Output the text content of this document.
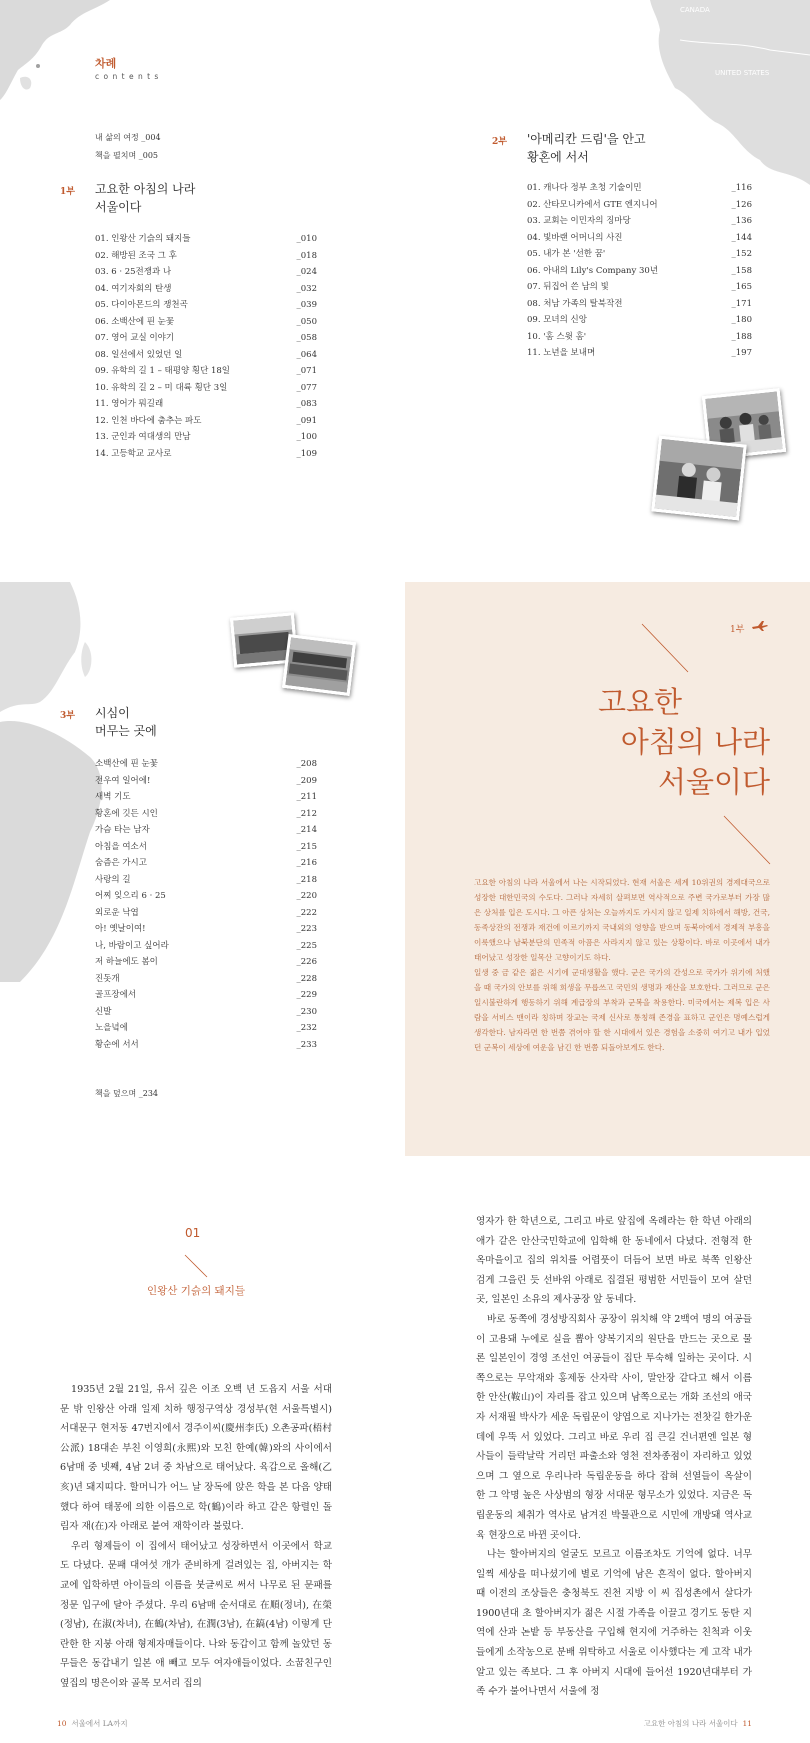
CANADA
UNITED STATES
차례
c o n t e n t s
내 삶의 여정 _004
책을 펼치며 _005
1부 고요한 아침의 나라
서울이다
01. 인왕산 기슭의 돼지들	_010
02. 해방된 조국 그 후	_018
03. 6 · 25전쟁과 나	_024
04. 여기자회의 탄생	_032
05. 다이아몬드의 쟁천곡	_039
06. 소백산에 핀 눈꽃	_050
07. 영어 교실 이야기	_058
08. 일선에서 있었던 일	_064
09. 유학의 길 1 – 태평양 횡단 18일	_071
10. 유학의 길 2 – 미 대륙 횡단 3일	_077
11. 영어가 뭐길래	_083
12. 인천 바다에 춤추는 파도	_091
13. 군인과 여대생의 만남	_100
14. 고등학교 교사로	_109
2부 '아메리칸 드림'을 안고
황혼에 서서
01. 캐나다 정부 초청 기술이민	_116
02. 산타모니카에서 GTE 엔지니어	_126
03. 교회는 이민자의 징마당	_136
04. 빛바랜 어머니의 사진	_144
05. 내가 본 '선한 꿈'	_152
06. 아내의 Lily's Company 30년	_158
07. 뒤집어 쓴 남의 빛	_165
08. 처남 가족의 탈북작전	_171
09. 모녀의 신앙	_180
10. '홈 스윗 홈'	_188
11. 노년을 보내며	_197
3부 시심이
머무는 곳에
소백산에 핀 눈꽃	_208
전우여 일어에!	_209
새벽 기도	_211
황혼에 깃든 시인	_212
가슴 타는 남자	_214
아침을 여소서	_215
숨즘은 가시고	_216
사랑의 길	_218
어찌 잊으리 6 · 25	_220
외로운 낙엽	_222
아! 옛날이여!	_223
나, 바람이고 싶어라	_225
저 하늘에도 봄이	_226
진돗개	_228
골프장에서	_229
신발	_230
노을녘에	_232
황순에 서서	_233
책을 덮으며 _234
1부
고요한
아침의 나라
서울이다

고요한 아침의 나라 서울에서 나는 시작되었다. 현재 서울은 세계 10위권의 경제대국으로 성장한 대한민국의 수도다. 그러나 자세히 살펴보면 역사적으로 주변 국가로부터 가장 많은 상처를 입은 도시다. 그 아픈 상처는 오늘까지도 가시지 않고 일제 치하에서 해방, 건국, 동족상잔의 전쟁과 재건에 이르기까지 국내외의 영향을 받으며 동북아에서 경제적 부흥을 이룩했으나 남북분단의 민족적 아픔은 사라지지 않고 있는 상황이다. 바로 이곳에서 내가 태어났고 성장한 일목산 고향이기도 하다.

일생 중 금 같은 젊은 시기에 군대생활을 했다. 군은 국가의 간성으로 국가가 위기에 처했을 때 국가의 안보를 위해 희생을 무릅쓰고 국민의 생명과 재산을 보호한다. 그러므로 군은 일시불란하게 행동하기 위해 계급장의 부착과 군복을 착용한다. 미국에서는 제복 입은 사람을 서비스 맨이라 칭하며 장교는 국제 신사로 통칭해 존경을 표하고 군인은 명예스럽게 생각한다. 남자라면 한 번쯤 겪어야 할 한 시대에서 있은 경험을 소중히 여기고 내가 입었던 군복이 세상에 여운을 남긴 한 번쯤 되돌아보게도 한다.

01
인왕산 기슭의 돼지들

1935년 2월 21일, 유서 깊은 이조 오백 년 도읍지 서울 서대문 밖 인왕산 아래 일제 치하 행정구역상 경성부(현 서울특별시) 서대문구 현저동 47번지에서 경주이씨(慶州李氏) 오촌공파(梧村公派) 18대손 부친 이영희(永熙)와 모친 한예(韓)와의 사이에서 6남매 중 넷째, 4남 2녀 중 차남으로 태어났다. 육갑으로 올해(乙亥)년 돼지띠다. 할머니가 어느 날 장독에 앉은 학을 본 다음 양태했다 하여 태몽에 의한 이름으로 학(鶴)이라 하고 같은 항렬인 돌림자 재(在)자 아래로 붙여 재학이라 불렀다.

우리 형제들이 이 집에서 태어났고 성장하면서 이곳에서 학교도 다녔다. 문패 대여섯 개가 준비하게 걸려있는 집, 아버지는 학교에 입학하면 아이들의 이름을 붓글씨로 써서 나무로 된 문패를 정문 입구에 달아 주셨다. 우리 6남매 순서대로 在順(정녀), 在榮(정남), 在淑(차녀), 在鶴(차남), 在潤(3남), 在鎬(4남) 이렇게 단란한 한 지붕 아래 형제자매들이다. 나와 동갑이고 함께 놀았던 동무들은 동갑내기 일본 애 빼고 모두 여자애들이었다. 소꿉친구인 옆집의 명은이와 골목 모서리 집의

영자가 한 학년으로, 그리고 바로 앞집에 옥례라는 한 학년 아래의 애가 같은 안산국민학교에 입학해 한 동네에서 다녔다. 전형적 한옥마을이고 집의 위치를 어렵풋이 더듬어 보면 바로 북쪽 인왕산 검게 그을린 듯 선바위 아래로 집결된 평범한 서민들이 모여 살던 곳, 일본인 소유의 제사공장 앞 동네다.

바로 동쪽에 경성방직회사 공장이 위치해 약 2백여 명의 여공들이 고용돼 누에로 실을 뽑아 양복기지의 원단을 만드는 곳으로 물론 일본인이 경영 조선인 여공들이 집단 투숙해 일하는 곳이다. 시쪽으로는 무악재와 홍제동 산자락 사이, 말안장 같다고 해서 이름한 안산(鞍山)이 자리를 잡고 있으며 남쪽으로는 개화 조선의 애국자 서재필 박사가 세운 독립문이 양엽으로 지나가는 전찻길 한가운데에 우뚝 서 있었다. 그리고 바로 우리 집 큰길 건너편엔 일본 형사들이 들락날락 거리던 파출소와 영천 전차종점이 자리하고 있었으며 그 옆으로 우리나라 독립운동을 하다 잡혀 선열들이 옥살이 한 그 악명 높은 사상범의 형장 서대문 형무소가 있었다. 지금은 독립운동의 체취가 역사로 남겨진 박물관으로 시민에 개방돼 역사교육 현장으로 바뀐 곳이다.

나는 할아버지의 얼굴도 모르고 이름조차도 기억에 없다. 너무 일찍 세상을 떠나셨기에 별로 기억에 남은 흔적이 없다. 할아버지 때 이전의 조상들은 충청북도 진천 지방 이 씨 집성촌에서 살다가 1900년대 초 할아버지가 젊은 시절 가족을 이끌고 경기도 동탄 지역에 산과 논밭 등 부동산을 구입해 현지에 거주하는 친척과 이웃들에게 소작농으로 분배 위탁하고 서울로 이사했다는 게 고작 내가 알고 있는 족보다. 그 후 아버지 시대에 들어선 1920년대부터 가족 수가 불어나면서 서울에 정

10 서울에서 LA까지	고요한 아침의 나라 서울이다 11
